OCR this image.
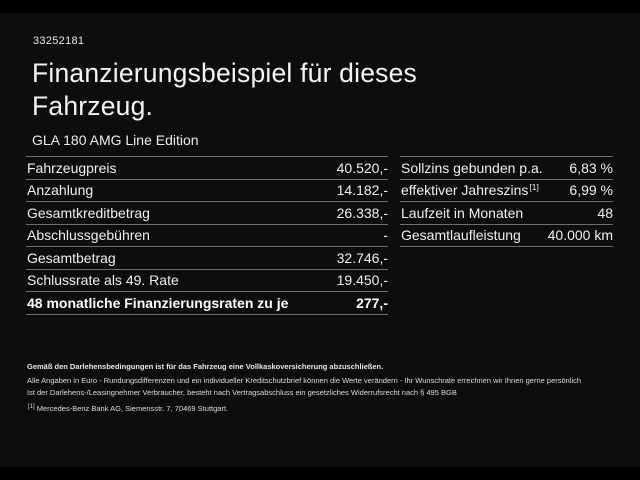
33252181
Finanzierungsbeispiel für dieses Fahrzeug.
GLA 180 AMG Line Edition
Fahrzeugpreis	40.520,-
Anzahlung	14.182,-
Gesamtkreditbetrag	26.338,-
Abschlussgebühren	-
Gesamtbetrag	32.746,-
Schlussrate als 49. Rate	19.450,-
48 monatliche Finanzierungsraten zu je	277,-
Sollzins gebunden p.a. 6,83 %
effektiver Jahreszins[1] 6,99 %
Laufzeit in Monaten	48
Gesamtlaufleistung 40.000 km

Gemäß den Darlehensbedingungen ist für das Fahrzeug eine Vollkaskoversicherung abzuschließen.

Alle Angaben in Euro - Rundungsdifferenzen und ein individueller Kreditschutzbrief können die Werte verändern - Ihr Wunschrate errechnen wir Ihnen gerne persönlich

Ist der Darlehens-/Leasingnehmer Verbraucher, besteht nach Vertragsabschluss ein gesetzliches Widerrufsrecht nach § 495 BGB

[1] Mercedes-Benz Bank AG, Siemensstr. 7, 70469 Stuttgart.
